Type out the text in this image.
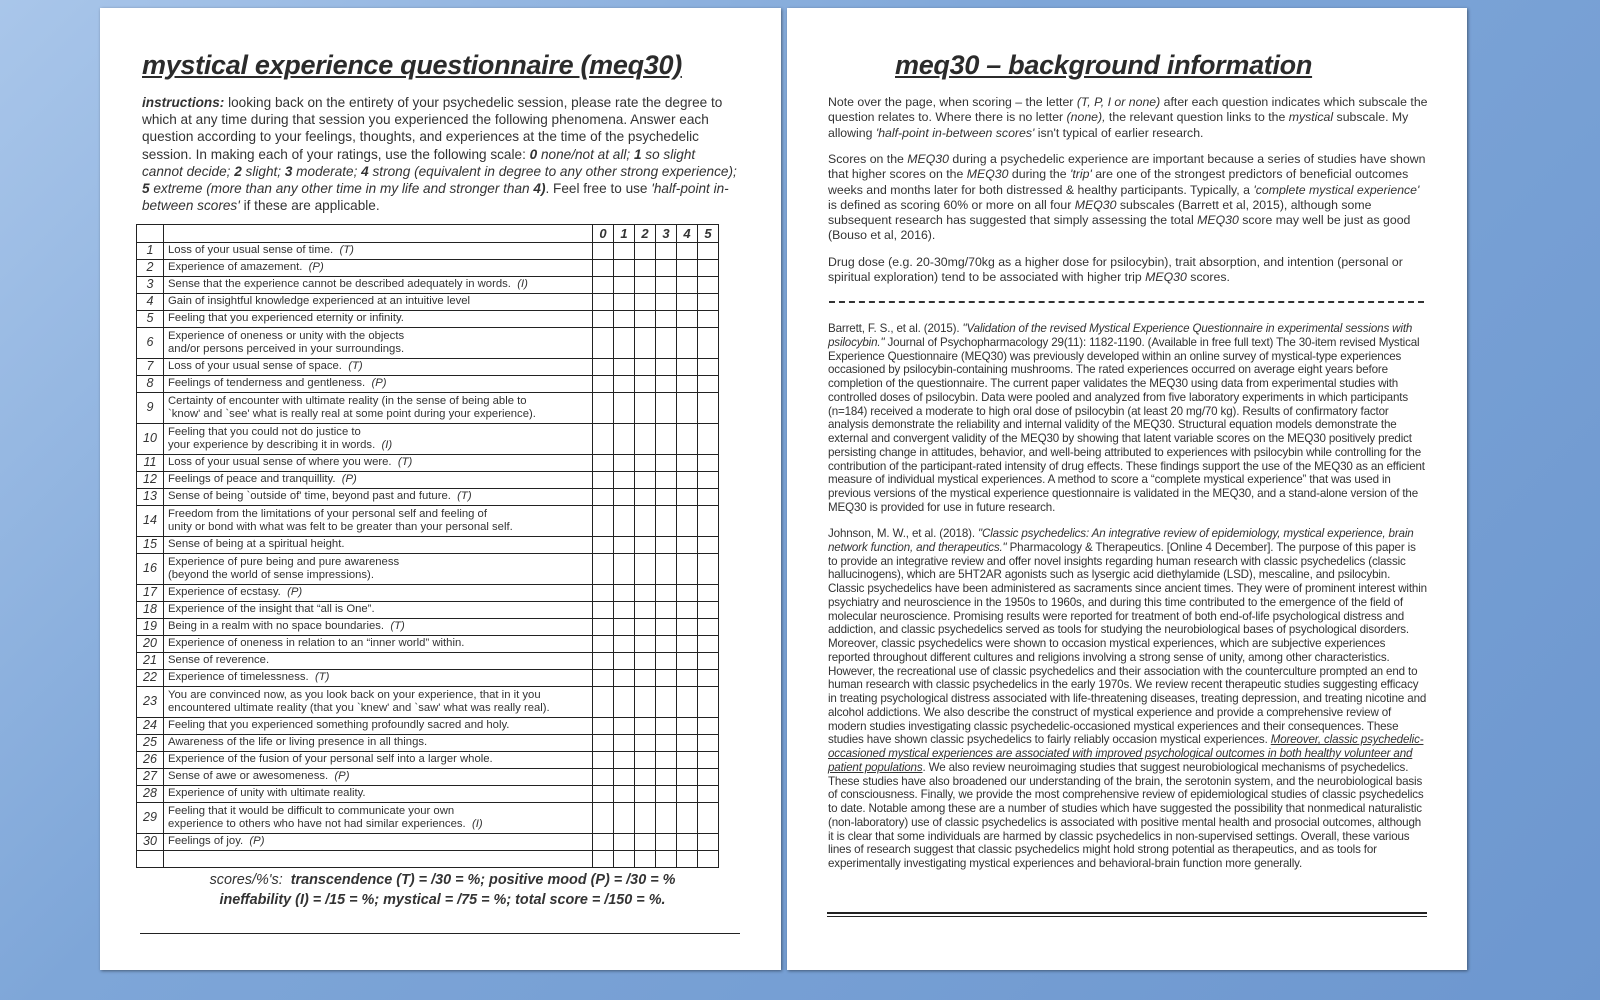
mystical experience questionnaire (meq30)
instructions: looking back on the entirety of your psychedelic session, please rate the degree to which at any time during that session you experienced the following phenomena. Answer each question according to your feelings, thoughts, and experiences at the time of the psychedelic session. In making each of your ratings, use the following scale: 0 none/not at all; 1 so slight cannot decide; 2 slight; 3 moderate; 4 strong (equivalent in degree to any other strong experience); 5 extreme (more than any other time in my life and stronger than 4). Feel free to use 'half-point in-between scores' if these are applicable.
		0	1	2	3	4	5
1	Loss of your usual sense of time. (T)						
2	Experience of amazement. (P)						
3	Sense that the experience cannot be described adequately in words. (I)						
4	Gain of insightful knowledge experienced at an intuitive level						
5	Feeling that you experienced eternity or infinity.						
6	Experience of oneness or unity with the objects
and/or persons perceived in your surroundings.						
7	Loss of your usual sense of space. (T)						
8	Feelings of tenderness and gentleness. (P)						
9	Certainty of encounter with ultimate reality (in the sense of being able to
`know' and `see' what is really real at some point during your experience).						
10	Feeling that you could not do justice to
your experience by describing it in words. (I)						
11	Loss of your usual sense of where you were. (T)						
12	Feelings of peace and tranquillity. (P)						
13	Sense of being `outside of' time, beyond past and future. (T)						
14	Freedom from the limitations of your personal self and feeling of
unity or bond with what was felt to be greater than your personal self.						
15	Sense of being at a spiritual height.						
16	Experience of pure being and pure awareness
(beyond the world of sense impressions).						
17	Experience of ecstasy. (P)						
18	Experience of the insight that “all is One”.						
19	Being in a realm with no space boundaries. (T)						
20	Experience of oneness in relation to an “inner world” within.						
21	Sense of reverence.						
22	Experience of timelessness. (T)						
23	You are convinced now, as you look back on your experience, that in it you
encountered ultimate reality (that you `knew' and `saw' what was really real).						
24	Feeling that you experienced something profoundly sacred and holy.						
25	Awareness of the life or living presence in all things.						
26	Experience of the fusion of your personal self into a larger whole.						
27	Sense of awe or awesomeness. (P)						
28	Experience of unity with ultimate reality.						
29	Feeling that it would be difficult to communicate your own
experience to others who have not had similar experiences. (I)						
30	Feelings of joy. (P)						

scores/%'s: transcendence (T) = /30 = %; positive mood (P) = /30 = %
ineffability (I) = /15 = %; mystical = /75 = %; total score = /150 = %.
meq30 – background information
Note over the page, when scoring – the letter (T, P, I or none) after each question indicates which subscale the question relates to. Where there is no letter (none), the relevant question links to the mystical subscale. My allowing 'half-point in-between scores' isn't typical of earlier research.
Scores on the MEQ30 during a psychedelic experience are important because a series of studies have shown that higher scores on the MEQ30 during the 'trip' are one of the strongest predictors of beneficial outcomes weeks and months later for both distressed & healthy participants. Typically, a 'complete mystical experience' is defined as scoring 60% or more on all four MEQ30 subscales (Barrett et al, 2015), although some subsequent research has suggested that simply assessing the total MEQ30 score may well be just as good (Bouso et al, 2016).
Drug dose (e.g. 20-30mg/70kg as a higher dose for psilocybin), trait absorption, and intention (personal or spiritual exploration) tend to be associated with higher trip MEQ30 scores.
Barrett, F. S., et al. (2015). "Validation of the revised Mystical Experience Questionnaire in experimental sessions with psilocybin." Journal of Psychopharmacology 29(11): 1182-1190. (Available in free full text) The 30-item revised Mystical Experience Questionnaire (MEQ30) was previously developed within an online survey of mystical-type experiences occasioned by psilocybin-containing mushrooms. The rated experiences occurred on average eight years before completion of the questionnaire. The current paper validates the MEQ30 using data from experimental studies with controlled doses of psilocybin. Data were pooled and analyzed from five laboratory experiments in which participants (n=184) received a moderate to high oral dose of psilocybin (at least 20 mg/70 kg). Results of confirmatory factor analysis demonstrate the reliability and internal validity of the MEQ30. Structural equation models demonstrate the external and convergent validity of the MEQ30 by showing that latent variable scores on the MEQ30 positively predict persisting change in attitudes, behavior, and well-being attributed to experiences with psilocybin while controlling for the contribution of the participant-rated intensity of drug effects. These findings support the use of the MEQ30 as an efficient measure of individual mystical experiences. A method to score a “complete mystical experience” that was used in previous versions of the mystical experience questionnaire is validated in the MEQ30, and a stand-alone version of the MEQ30 is provided for use in future research.
Johnson, M. W., et al. (2018). "Classic psychedelics: An integrative review of epidemiology, mystical experience, brain network function, and therapeutics." Pharmacology & Therapeutics. [Online 4 December]. The purpose of this paper is to provide an integrative review and offer novel insights regarding human research with classic psychedelics (classic hallucinogens), which are 5HT2AR agonists such as lysergic acid diethylamide (LSD), mescaline, and psilocybin. Classic psychedelics have been administered as sacraments since ancient times. They were of prominent interest within psychiatry and neuroscience in the 1950s to 1960s, and during this time contributed to the emergence of the field of molecular neuroscience. Promising results were reported for treatment of both end-of-life psychological distress and addiction, and classic psychedelics served as tools for studying the neurobiological bases of psychological disorders. Moreover, classic psychedelics were shown to occasion mystical experiences, which are subjective experiences reported throughout different cultures and religions involving a strong sense of unity, among other characteristics. However, the recreational use of classic psychedelics and their association with the counterculture prompted an end to human research with classic psychedelics in the early 1970s. We review recent therapeutic studies suggesting efficacy in treating psychological distress associated with life-threatening diseases, treating depression, and treating nicotine and alcohol addictions. We also describe the construct of mystical experience and provide a comprehensive review of modern studies investigating classic psychedelic-occasioned mystical experiences and their consequences. These studies have shown classic psychedelics to fairly reliably occasion mystical experiences. Moreover, classic psychedelic-occasioned mystical experiences are associated with improved psychological outcomes in both healthy volunteer and patient populations. We also review neuroimaging studies that suggest neurobiological mechanisms of psychedelics. These studies have also broadened our understanding of the brain, the serotonin system, and the neurobiological basis of consciousness. Finally, we provide the most comprehensive review of epidemiological studies of classic psychedelics to date. Notable among these are a number of studies which have suggested the possibility that nonmedical naturalistic (non-laboratory) use of classic psychedelics is associated with positive mental health and prosocial outcomes, although it is clear that some individuals are harmed by classic psychedelics in non-supervised settings. Overall, these various lines of research suggest that classic psychedelics might hold strong potential as therapeutics, and as tools for experimentally investigating mystical experiences and behavioral-brain function more generally.
